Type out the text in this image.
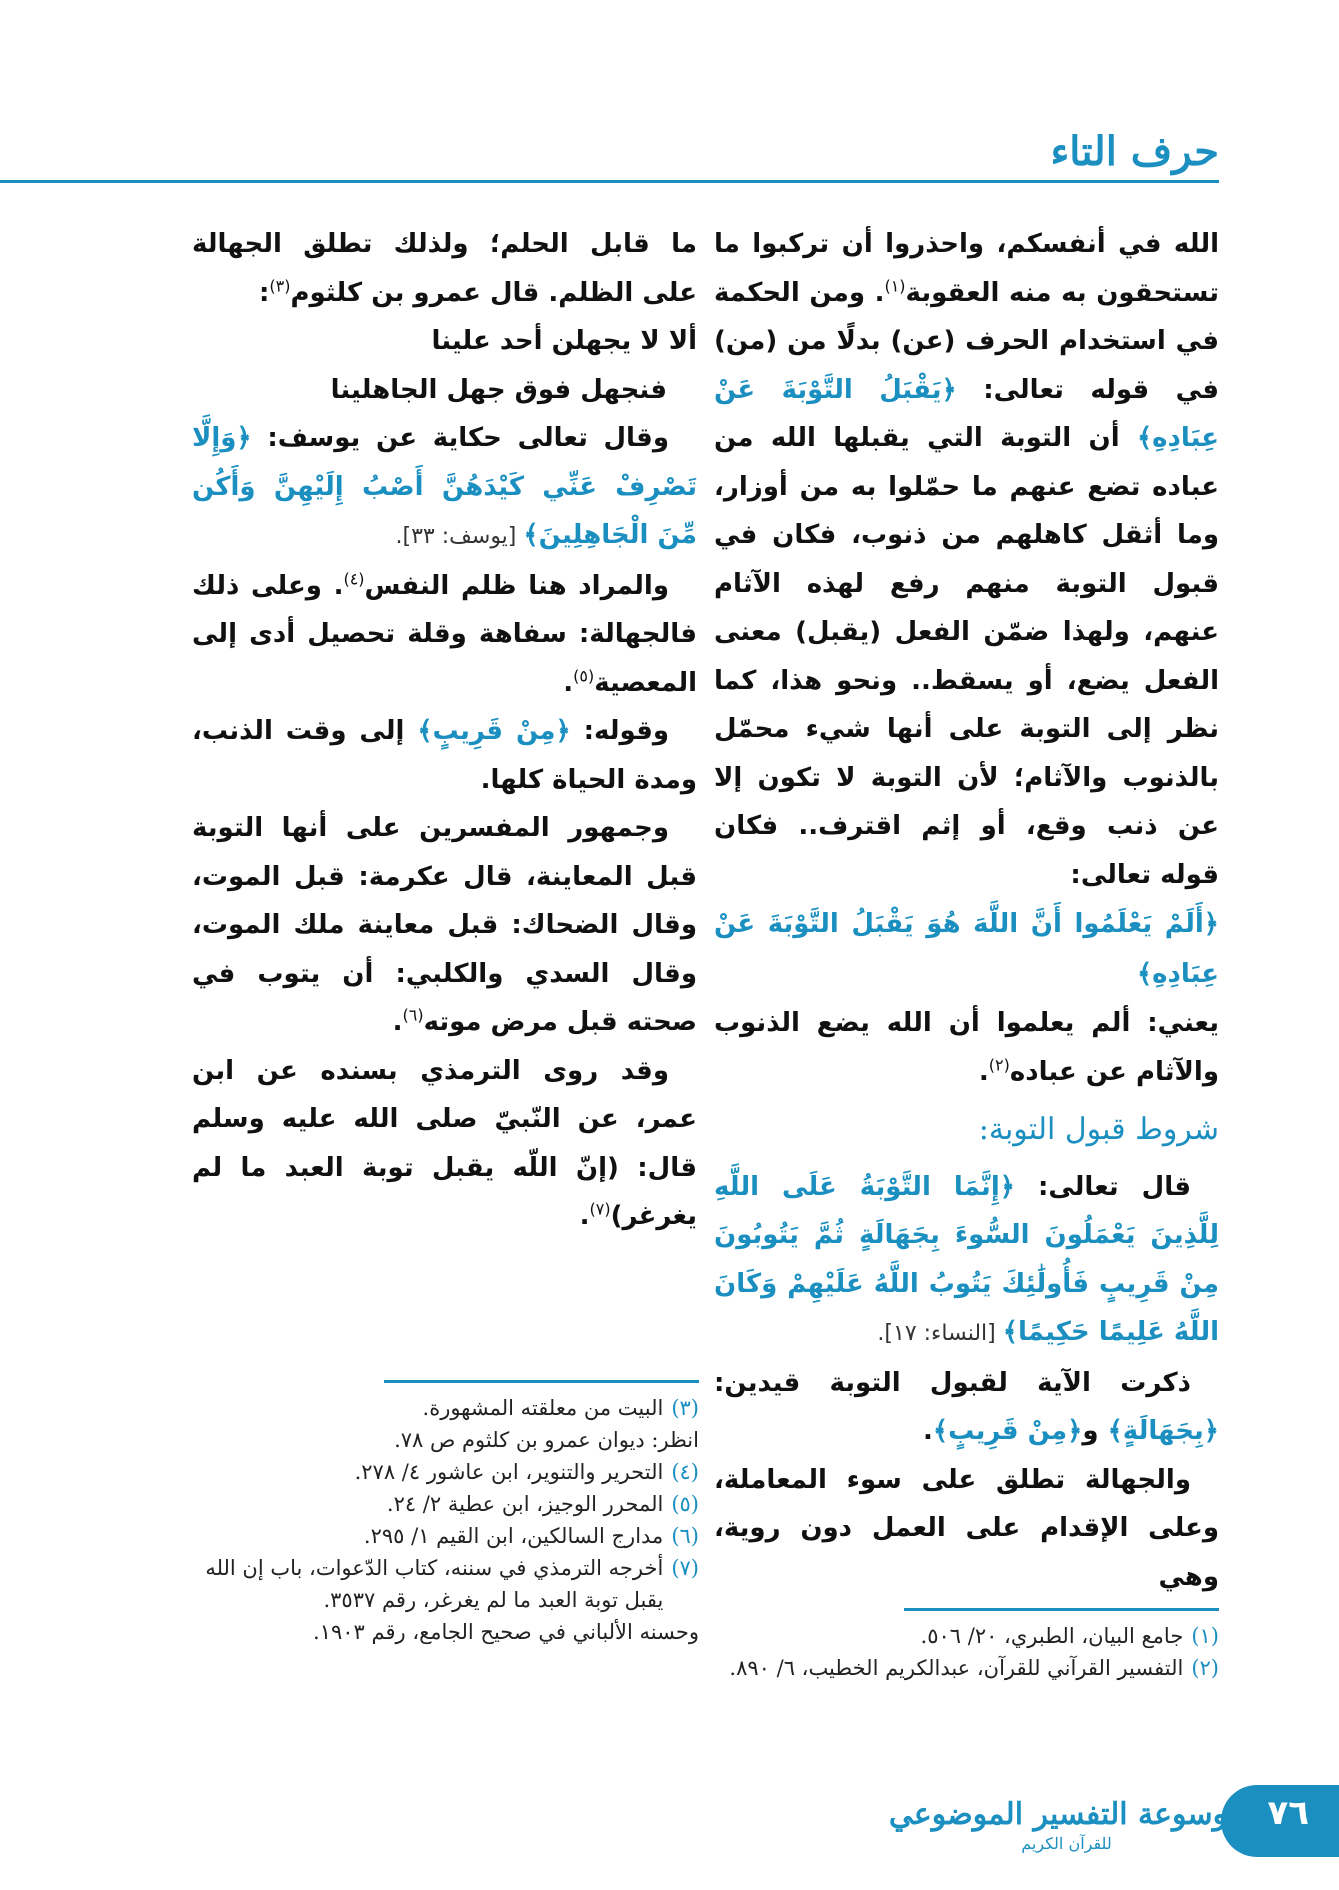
حرف التاء

الله في أنفسكم، واحذروا أن تركبوا ما تستحقون به منه العقوبة$^{(١)}$. ومن الحكمة في استخدام الحرف (عن) بدلًا من (من) في قوله تعالى: ﴿يَقْبَلُ التَّوْبَةَ عَنْ عِبَادِهِ﴾ أن التوبة التي يقبلها الله من عباده تضع عنهم ما حمّلوا به من أوزار، وما أثقل كاهلهم من ذنوب، فكان في قبول التوبة منهم رفع لهذه الآثام عنهم، ولهذا ضمّن الفعل (يقبل) معنى الفعل يضع، أو يسقط.. ونحو هذا، كما نظر إلى التوبة على أنها شيء محمّل بالذنوب والآثام؛ لأن التوبة لا تكون إلا عن ذنب وقع، أو إثم اقترف.. فكان قوله تعالى:

﴿أَلَمْ يَعْلَمُوا أَنَّ اللَّهَ هُوَ يَقْبَلُ التَّوْبَةَ عَنْ عِبَادِهِ﴾

يعني: ألم يعلموا أن الله يضع الذنوب والآثام عن عباده$^{(٢)}$.

شروط قبول التوبة:

قال تعالى: ﴿إِنَّمَا التَّوْبَةُ عَلَى اللَّهِ لِلَّذِينَ يَعْمَلُونَ السُّوءَ بِجَهَالَةٍ ثُمَّ يَتُوبُونَ مِنْ قَرِيبٍ فَأُولَٰئِكَ يَتُوبُ اللَّهُ عَلَيْهِمْ وَكَانَ اللَّهُ عَلِيمًا حَكِيمًا﴾ [النساء: ١٧].

ذكرت الآية لقبول التوبة قيدين: ﴿بِجَهَالَةٍ﴾ و﴿مِنْ قَرِيبٍ﴾.

والجهالة تطلق على سوء المعاملة، وعلى الإقدام على العمل دون روية، وهي

ما قابل الحلم؛ ولذلك تطلق الجهالة على الظلم. قال عمرو بن كلثوم$^{(٣)}$:

ألا لا يجهلن أحد علينا

فنجهل فوق جهل الجاهلينا

وقال تعالى حكاية عن يوسف: ﴿وَإِلَّا تَصْرِفْ عَنِّي كَيْدَهُنَّ أَصْبُ إِلَيْهِنَّ وَأَكُن مِّنَ الْجَاهِلِينَ﴾ [يوسف: ٣٣].

والمراد هنا ظلم النفس$^{(٤)}$. وعلى ذلك فالجهالة: سفاهة وقلة تحصيل أدى إلى المعصية$^{(٥)}$.

وقوله: ﴿مِنْ قَرِيبٍ﴾ إلى وقت الذنب، ومدة الحياة كلها.

وجمهور المفسرين على أنها التوبة قبل المعاينة، قال عكرمة: قبل الموت، وقال الضحاك: قبل معاينة ملك الموت، وقال السدي والكلبي: أن يتوب في صحته قبل مرض موته$^{(٦)}$.

وقد روى الترمذي بسنده عن ابن عمر، عن النّبيّ صلى الله عليه وسلم قال: (إنّ اللّه يقبل توبة العبد ما لم يغرغر)$^{(٧)}$.

(٣)
البيت من معلقته المشهورة.
انظر: ديوان عمرو بن كلثوم ص ٧٨.
(٤)
التحرير والتنوير، ابن عاشور ٤/ ٢٧٨.
(٥)
المحرر الوجيز، ابن عطية ٢/ ٢٤.
(٦)
مدارج السالكين، ابن القيم ١/ ٢٩٥.
(٧)
أخرجه الترمذي في سننه، كتاب الدّعوات، باب إن الله يقبل توبة العبد ما لم يغرغر، رقم ٣٥٣٧.
وحسنه الألباني في صحيح الجامع، رقم ١٩٠٣.	(١)
جامع البيان، الطبري، ٢٠/ ٥٠٦.
(٢)
التفسير القرآني للقرآن، عبدالكريم الخطيب، ٦/ ٨٩٠.
٧٦
موسوعة التفسير الموضوعي
للقرآن الكريم
